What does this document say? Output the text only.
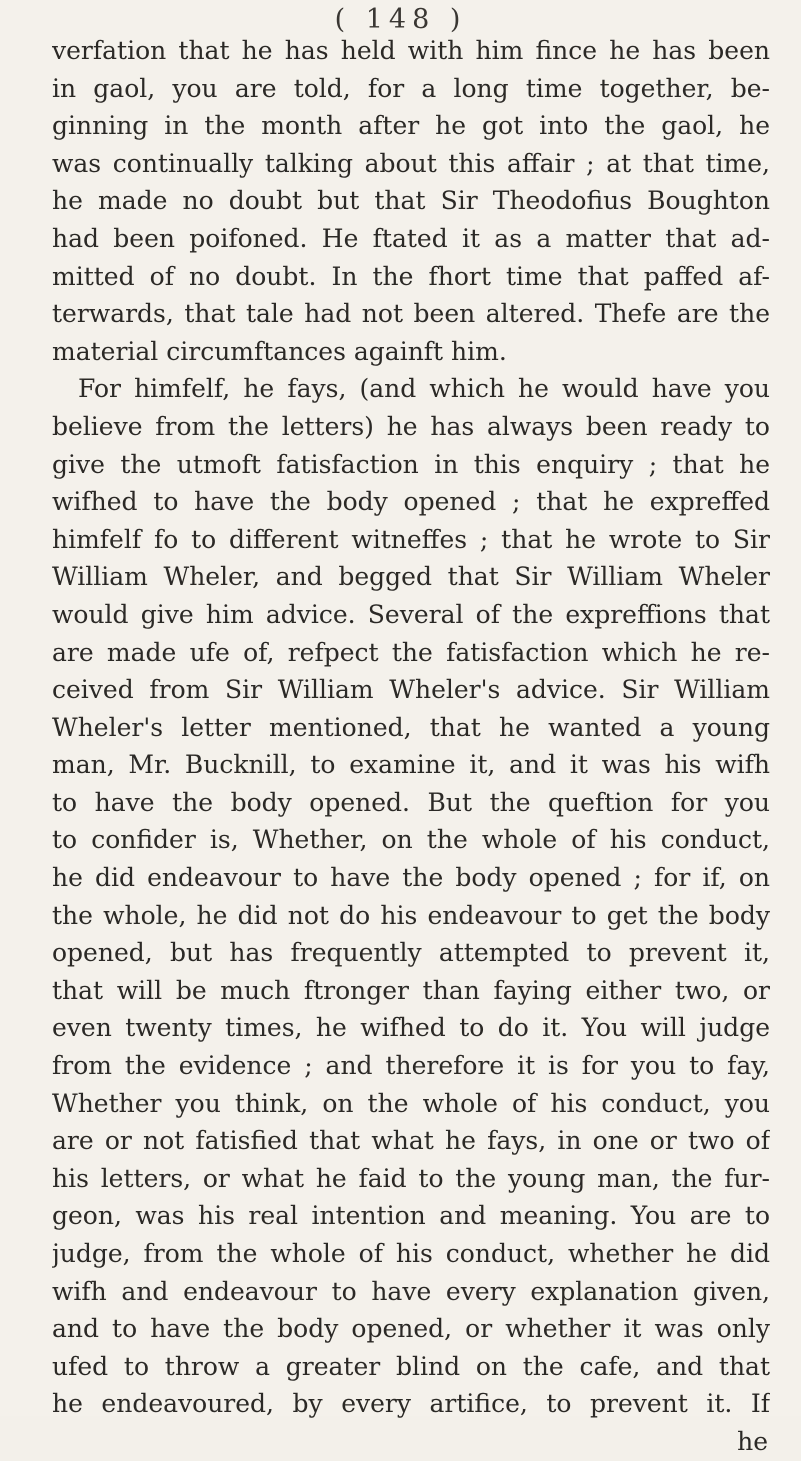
( 148 )
verfation that he has held with him fince he has been
in gaol, you are told, for a long time together, be-
ginning in the month after he got into the gaol, he
was continually talking about this affair ; at that time,
he made no doubt but that Sir Theodofius Boughton
had been poifoned. He ftated it as a matter that ad-
mitted of no doubt. In the fhort time that paffed af-
terwards, that tale had not been altered. Thefe are the
material circumftances againft him.
For himfelf, he fays, (and which he would have you
believe from the letters) he has always been ready to
give the utmoft fatisfaction in this enquiry ; that he
wifhed to have the body opened ; that he expreffed
himfelf fo to different witneffes ; that he wrote to Sir
William Wheler, and begged that Sir William Wheler
would give him advice. Several of the expreffions that
are made ufe of, refpect the fatisfaction which he re-
ceived from Sir William Wheler's advice. Sir William
Wheler's letter mentioned, that he wanted a young
man, Mr. Bucknill, to examine it, and it was his wifh
to have the body opened. But the queftion for you
to confider is, Whether, on the whole of his conduct,
he did endeavour to have the body opened ; for if, on
the whole, he did not do his endeavour to get the body
opened, but has frequently attempted to prevent it,
that will be much ftronger than faying either two, or
even twenty times, he wifhed to do it. You will judge
from the evidence ; and therefore it is for you to fay,
Whether you think, on the whole of his conduct, you
are or not fatisfied that what he fays, in one or two of
his letters, or what he faid to the young man, the fur-
geon, was his real intention and meaning. You are to
judge, from the whole of his conduct, whether he did
wifh and endeavour to have every explanation given,
and to have the body opened, or whether it was only
ufed to throw a greater blind on the cafe, and that
he endeavoured, by every artifice, to prevent it. If
he
